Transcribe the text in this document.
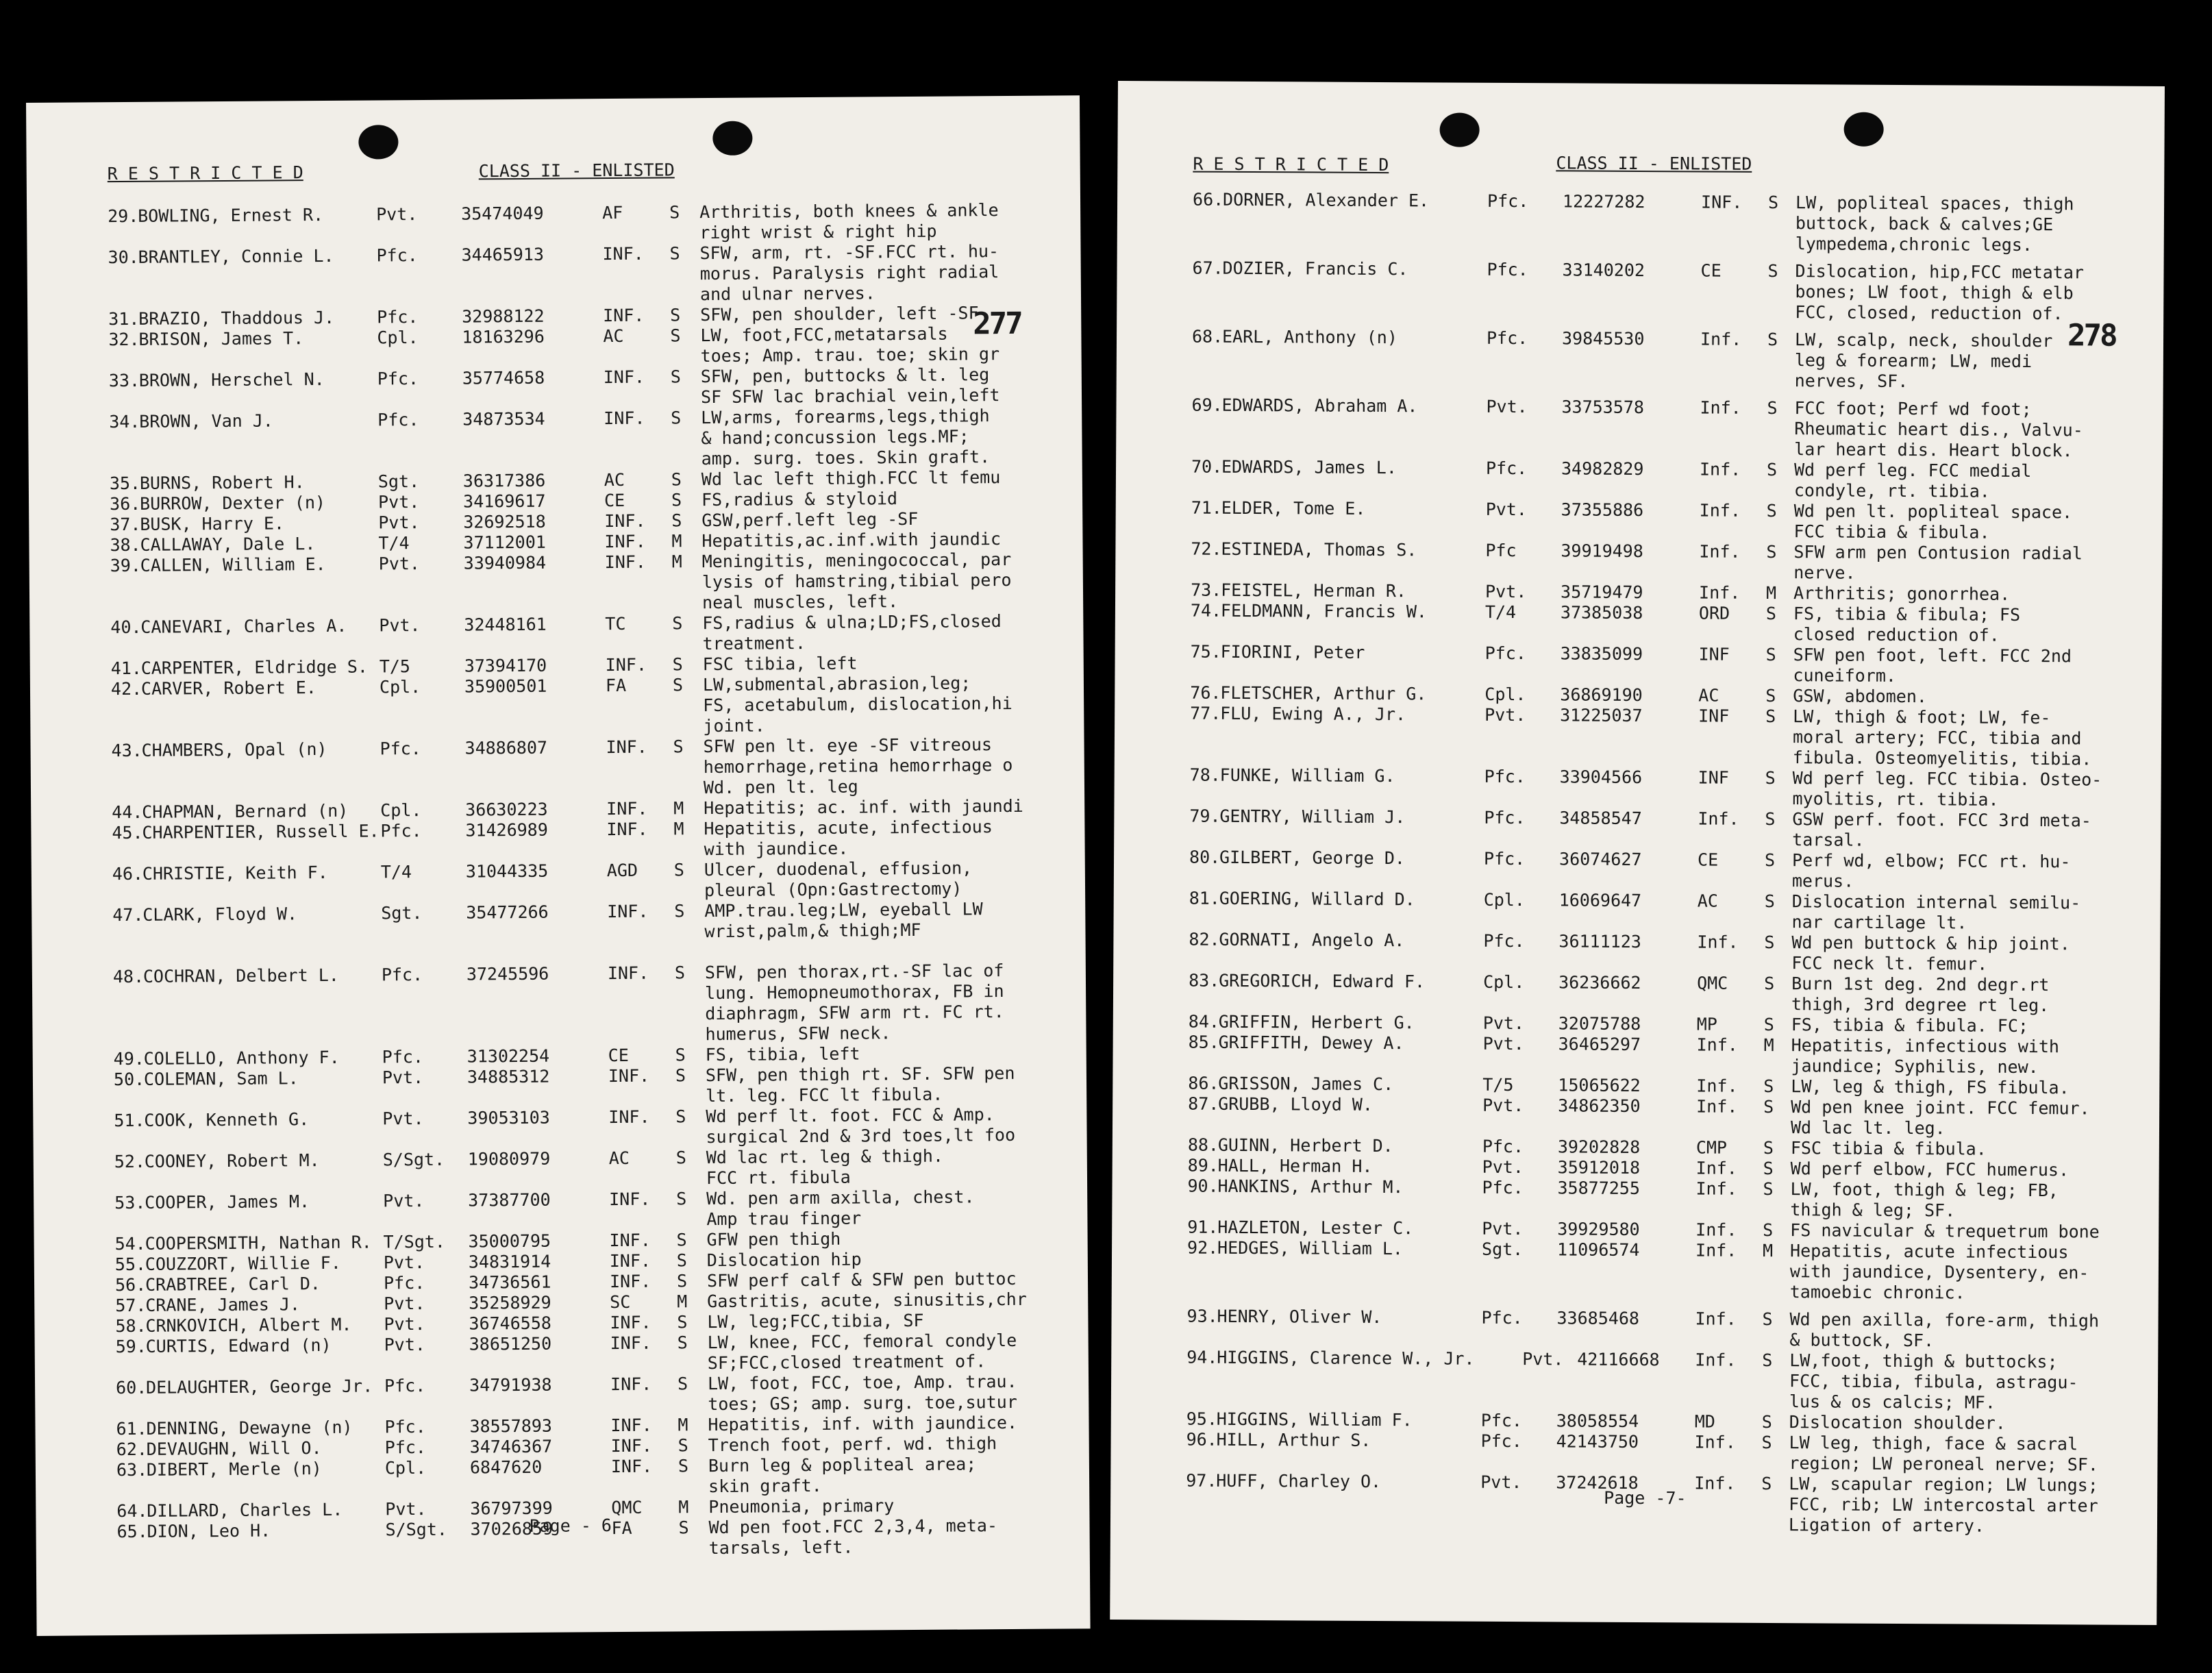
R E S T R I C T E D	CLASS II - ENLISTED
277
29.
BOWLING, Ernest R.	Pvt.	35474049	AF	S Arthritis, both knees & ankle
right wrist & right hip
30.
BRANTLEY, Connie L. Pfc.	34465913	INF. S SFW, arm, rt. -SF.FCC rt. hu-
morus. Paralysis right radial
and ulnar nerves.
31.
BRAZIO, Thaddous J. Pfc.	32988122	INF. S SFW, pen shoulder, left -SF
32.
BRISON, James T.	Cpl.	18163296	AC	S LW, foot,FCC,metatarsals
toes; Amp. trau. toe; skin gr
33.
BROWN, Herschel N.	Pfc.	35774658	INF. S SFW, pen, buttocks & lt. leg
SF SFW lac brachial vein,left
34.
BROWN, Van J.	Pfc.	34873534	INF. S LW,arms, forearms,legs,thigh
& hand;concussion legs.MF;
amp. surg. toes. Skin graft.
35.
BURNS, Robert H.	Sgt.	36317386	AC	S Wd lac left thigh.FCC lt femu
36.
BURROW, Dexter (n)	Pvt.	34169617	CE	S FS,radius & styloid
37.
BUSK, Harry E.	Pvt.	32692518	INF. S GSW,perf.left leg -SF
38.
CALLAWAY, Dale L.	T/4	37112001	INF. M Hepatitis,ac.inf.with jaundic
39.
CALLEN, William E.	Pvt.	33940984	INF. M Meningitis, meningococcal, par
lysis of hamstring,tibial pero
neal muscles, left.
40.
CANEVARI, Charles A. Pvt.	32448161	TC	S FS,radius & ulna;LD;FS,closed
treatment.
41.
CARPENTER, Eldridge S. T/5	37394170	INF. S FSC tibia, left
42.
CARVER, Robert E.	Cpl.	35900501	FA	S LW,submental,abrasion,leg;
FS, acetabulum, dislocation,hi
joint.
43.
CHAMBERS, Opal (n)	Pfc.	34886807	INF. S SFW pen lt. eye -SF vitreous
hemorrhage,retina hemorrhage o
Wd. pen lt. leg
44.
CHAPMAN, Bernard (n) Cpl.	36630223	INF. M Hepatitis; ac. inf. with jaundi
45.
CHARPENTIER, Russell E. Pfc.	31426989	INF. M Hepatitis, acute, infectious
with jaundice.
46.
CHRISTIE, Keith F.	T/4	31044335	AGD S Ulcer, duodenal, effusion,
pleural (Opn:Gastrectomy)
47.
CLARK, Floyd W.	Sgt.	35477266	INF. S AMP.trau.leg;LW, eyeball LW
wrist,palm,& thigh;MF
48.
COCHRAN, Delbert L. Pfc.	37245596	INF. S SFW, pen thorax,rt.-SF lac of
lung. Hemopneumothorax, FB in
diaphragm, SFW arm rt. FC rt.
humerus, SFW neck.
49.
COLELLO, Anthony F. Pfc.	31302254	CE	S FS, tibia, left
50.
COLEMAN, Sam L.	Pvt.	34885312	INF. S SFW, pen thigh rt. SF. SFW pen
lt. leg. FCC lt fibula.
51.
COOK, Kenneth G.	Pvt.	39053103	INF. S Wd perf lt. foot. FCC & Amp.
surgical 2nd & 3rd toes,lt foo
52.
COONEY, Robert M.	S/Sgt. 19080979	AC	S Wd lac rt. leg & thigh.
FCC rt. fibula
53.
COOPER, James M.	Pvt.	37387700	INF. S Wd. pen arm axilla, chest.
Amp trau finger
54.
COOPERSMITH, Nathan R. T/Sgt. 35000795	INF. S GFW pen thigh
55.
COUZZORT, Willie F. Pvt.	34831914	INF. S Dislocation hip
56.
CRABTREE, Carl D.	Pfc.	34736561	INF. S SFW perf calf & SFW pen buttoc
57.
CRANE, James J.	Pvt.	35258929	SC	M Gastritis, acute, sinusitis,chr
58.
CRNKOVICH, Albert M. Pvt.	36746558	INF. S LW, leg;FCC,tibia, SF
59.
CURTIS, Edward (n)	Pvt.	38651250	INF. S LW, knee, FCC, femoral condyle
SF;FCC,closed treatment of.
60.
DELAUGHTER, George Jr. Pfc.	34791938	INF. S LW, foot, FCC, toe, Amp. trau.
toes; GS; amp. surg. toe,sutur
61.
DENNING, Dewayne (n) Pfc.	38557893	INF. M Hepatitis, inf. with jaundice.
62.
DEVAUGHN, Will O.	Pfc.	34746367	INF. S Trench foot, perf. wd. thigh
63.
DIBERT, Merle (n)	Cpl.	6847620	INF. S Burn leg & popliteal area;
skin graft.
64.
DILLARD, Charles L. Pvt.	36797399	QMC M Pneumonia, primary
65.
DION, Leo H.	S/Sgt. 37026859	FA	S Wd pen foot.FCC 2,3,4, meta-
tarsals, left.
Page - 6
R E S T R I C T E D	CLASS II - ENLISTED
278
66.
DORNER, Alexander E.	Pfc. 12227282	INF. S LW, popliteal spaces, thigh
buttock, back & calves;GE
lympedema,chronic legs.
67.
DOZIER, Francis C.	Pfc. 33140202	CE	S Dislocation, hip,FCC metatar
bones; LW foot, thigh & elb
FCC, closed, reduction of.
68.
EARL, Anthony (n)	Pfc. 39845530	Inf. S LW, scalp, neck, shoulder
leg & forearm; LW, medi
nerves, SF.
69.
EDWARDS, Abraham A.	Pvt. 33753578	Inf. S FCC foot; Perf wd foot;
Rheumatic heart dis., Valvu-
lar heart dis. Heart block.
70.
EDWARDS, James L.	Pfc. 34982829	Inf. S Wd perf leg. FCC medial
condyle, rt. tibia.
71.
ELDER, Tome E.	Pvt. 37355886	Inf. S Wd pen lt. popliteal space.
FCC tibia & fibula.
72.
ESTINEDA, Thomas S.	Pfc	39919498	Inf. S SFW arm pen Contusion radial
nerve.
73.
FEISTEL, Herman R.	Pvt. 35719479	Inf. M Arthritis; gonorrhea.
74.
FELDMANN, Francis W.	T/4	37385038	ORD S FS, tibia & fibula; FS
closed reduction of.
75.
FIORINI, Peter	Pfc. 33835099	INF S SFW pen foot, left. FCC 2nd
cuneiform.
76.
FLETSCHER, Arthur G.	Cpl. 36869190	AC	S GSW, abdomen.
77.
FLU, Ewing A., Jr.	Pvt. 31225037	INF S LW, thigh & foot; LW, fe-
moral artery; FCC, tibia and
fibula. Osteomyelitis, tibia.
78.
FUNKE, William G.	Pfc. 33904566	INF S Wd perf leg. FCC tibia. Osteo-
myolitis, rt. tibia.
79.
GENTRY, William J.	Pfc. 34858547	Inf. S GSW perf. foot. FCC 3rd meta-
tarsal.
80.
GILBERT, George D.	Pfc. 36074627	CE	S Perf wd, elbow; FCC rt. hu-
merus.
81.
GOERING, Willard D.	Cpl. 16069647	AC	S Dislocation internal semilu-
nar cartilage lt.
82.
GORNATI, Angelo A.	Pfc. 36111123	Inf. S Wd pen buttock & hip joint.
FCC neck lt. femur.
83.
GREGORICH, Edward F.	Cpl. 36236662	QMC S Burn 1st deg. 2nd degr.rt
thigh, 3rd degree rt leg.
84.
GRIFFIN, Herbert G.	Pvt. 32075788	MP	S FS, tibia & fibula. FC;
85.
GRIFFITH, Dewey A.	Pvt. 36465297	Inf. M Hepatitis, infectious with
jaundice; Syphilis, new.
86.
GRISSON, James C.	T/5	15065622	Inf. S LW, leg & thigh, FS fibula.
87.
GRUBB, Lloyd W.	Pvt. 34862350	Inf. S Wd pen knee joint. FCC femur.
Wd lac lt. leg.
88.
GUINN, Herbert D.	Pfc. 39202828	CMP S FSC tibia & fibula.
89.
HALL, Herman H.	Pvt. 35912018	Inf. S Wd perf elbow, FCC humerus.
90.
HANKINS, Arthur M.	Pfc. 35877255	Inf. S LW, foot, thigh & leg; FB,
thigh & leg; SF.
91.
HAZLETON, Lester C.	Pvt. 39929580	Inf. S FS navicular & trequetrum bone
92.
HEDGES, William L.	Sgt. 11096574	Inf. M Hepatitis, acute infectious
with jaundice, Dysentery, en-
tamoebic chronic.
93.
HENRY, Oliver W.	Pfc. 33685468	Inf. S Wd pen axilla, fore-arm, thigh
& buttock, SF.
94.
HIGGINS, Clarence W., Jr.	Pvt. 42116668 Inf. S LW,foot, thigh & buttocks;
FCC, tibia, fibula, astragu-
lus & os calcis; MF.
95.
HIGGINS, William F.	Pfc. 38058554	MD	S Dislocation shoulder.
96.
HILL, Arthur S.	Pfc. 42143750	Inf. S LW leg, thigh, face & sacral
region; LW peroneal nerve; SF.
97.
HUFF, Charley O.	Pvt. 37242618	Inf. S LW, scapular region; LW lungs;
FCC, rib; LW intercostal arter
Ligation of artery.
Page -7-
